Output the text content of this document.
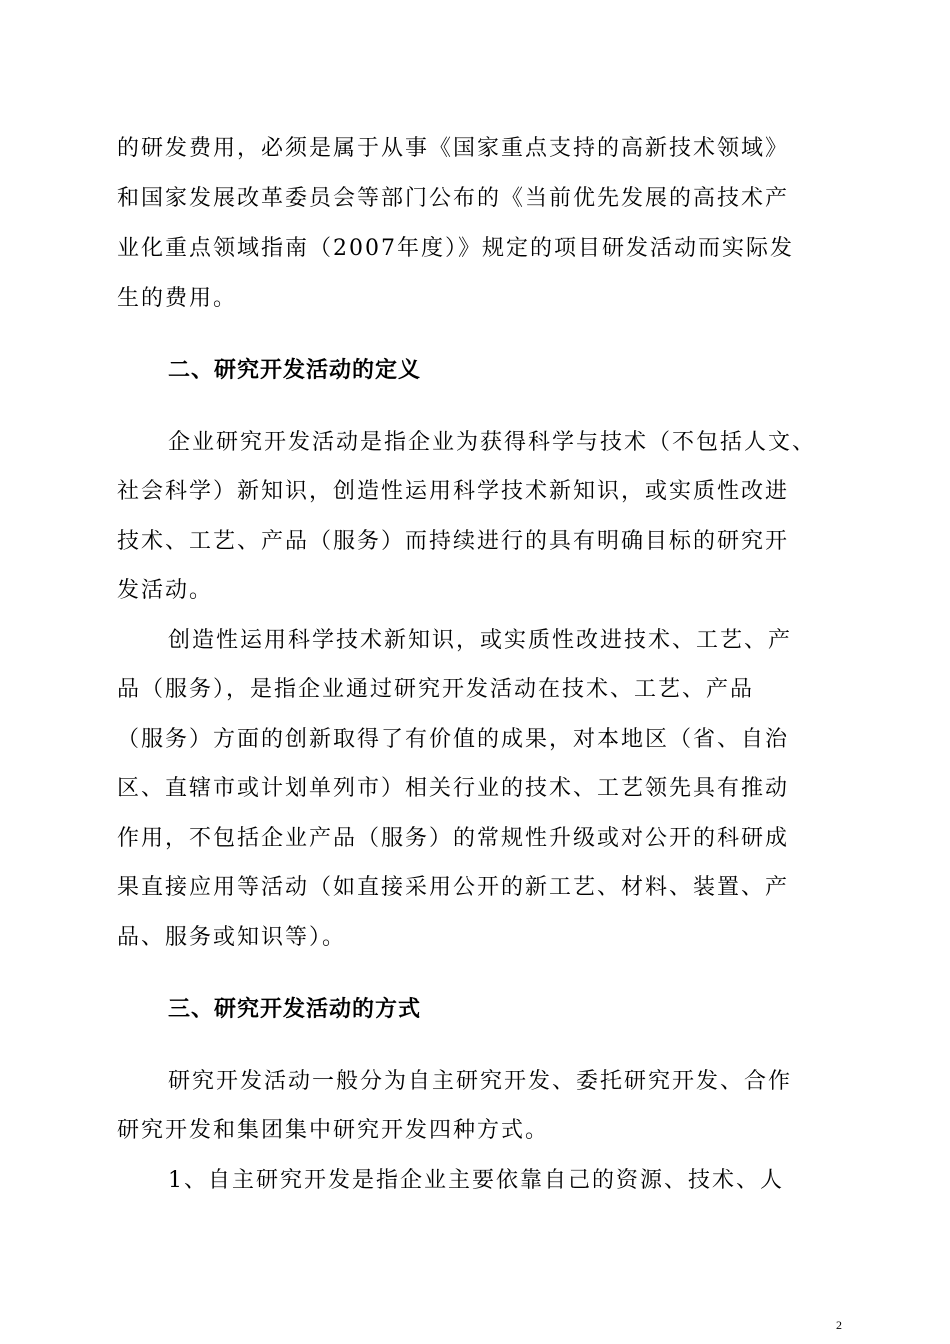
的研发费用，必须是属于从事《国家重点支持的高新技术领域》
和国家发展改革委员会等部门公布的《当前优先发展的高技术产
业化重点领域指南（2007年度）》规定的项目研发活动而实际发
生的费用。
二、研究开发活动的定义
企业研究开发活动是指企业为获得科学与技术（不包括人文、
社会科学）新知识，创造性运用科学技术新知识，或实质性改进
技术、工艺、产品（服务）而持续进行的具有明确目标的研究开
发活动。
创造性运用科学技术新知识，或实质性改进技术、工艺、产
品（服务），是指企业通过研究开发活动在技术、工艺、产品
（服务）方面的创新取得了有价值的成果，对本地区（省、自治
区、直辖市或计划单列市）相关行业的技术、工艺领先具有推动
作用，不包括企业产品（服务）的常规性升级或对公开的科研成
果直接应用等活动（如直接采用公开的新工艺、材料、装置、产
品、服务或知识等）。
三、研究开发活动的方式
研究开发活动一般分为自主研究开发、委托研究开发、合作
研究开发和集团集中研究开发四种方式。
1、自主研究开发是指企业主要依靠自己的资源、技术、人
2
